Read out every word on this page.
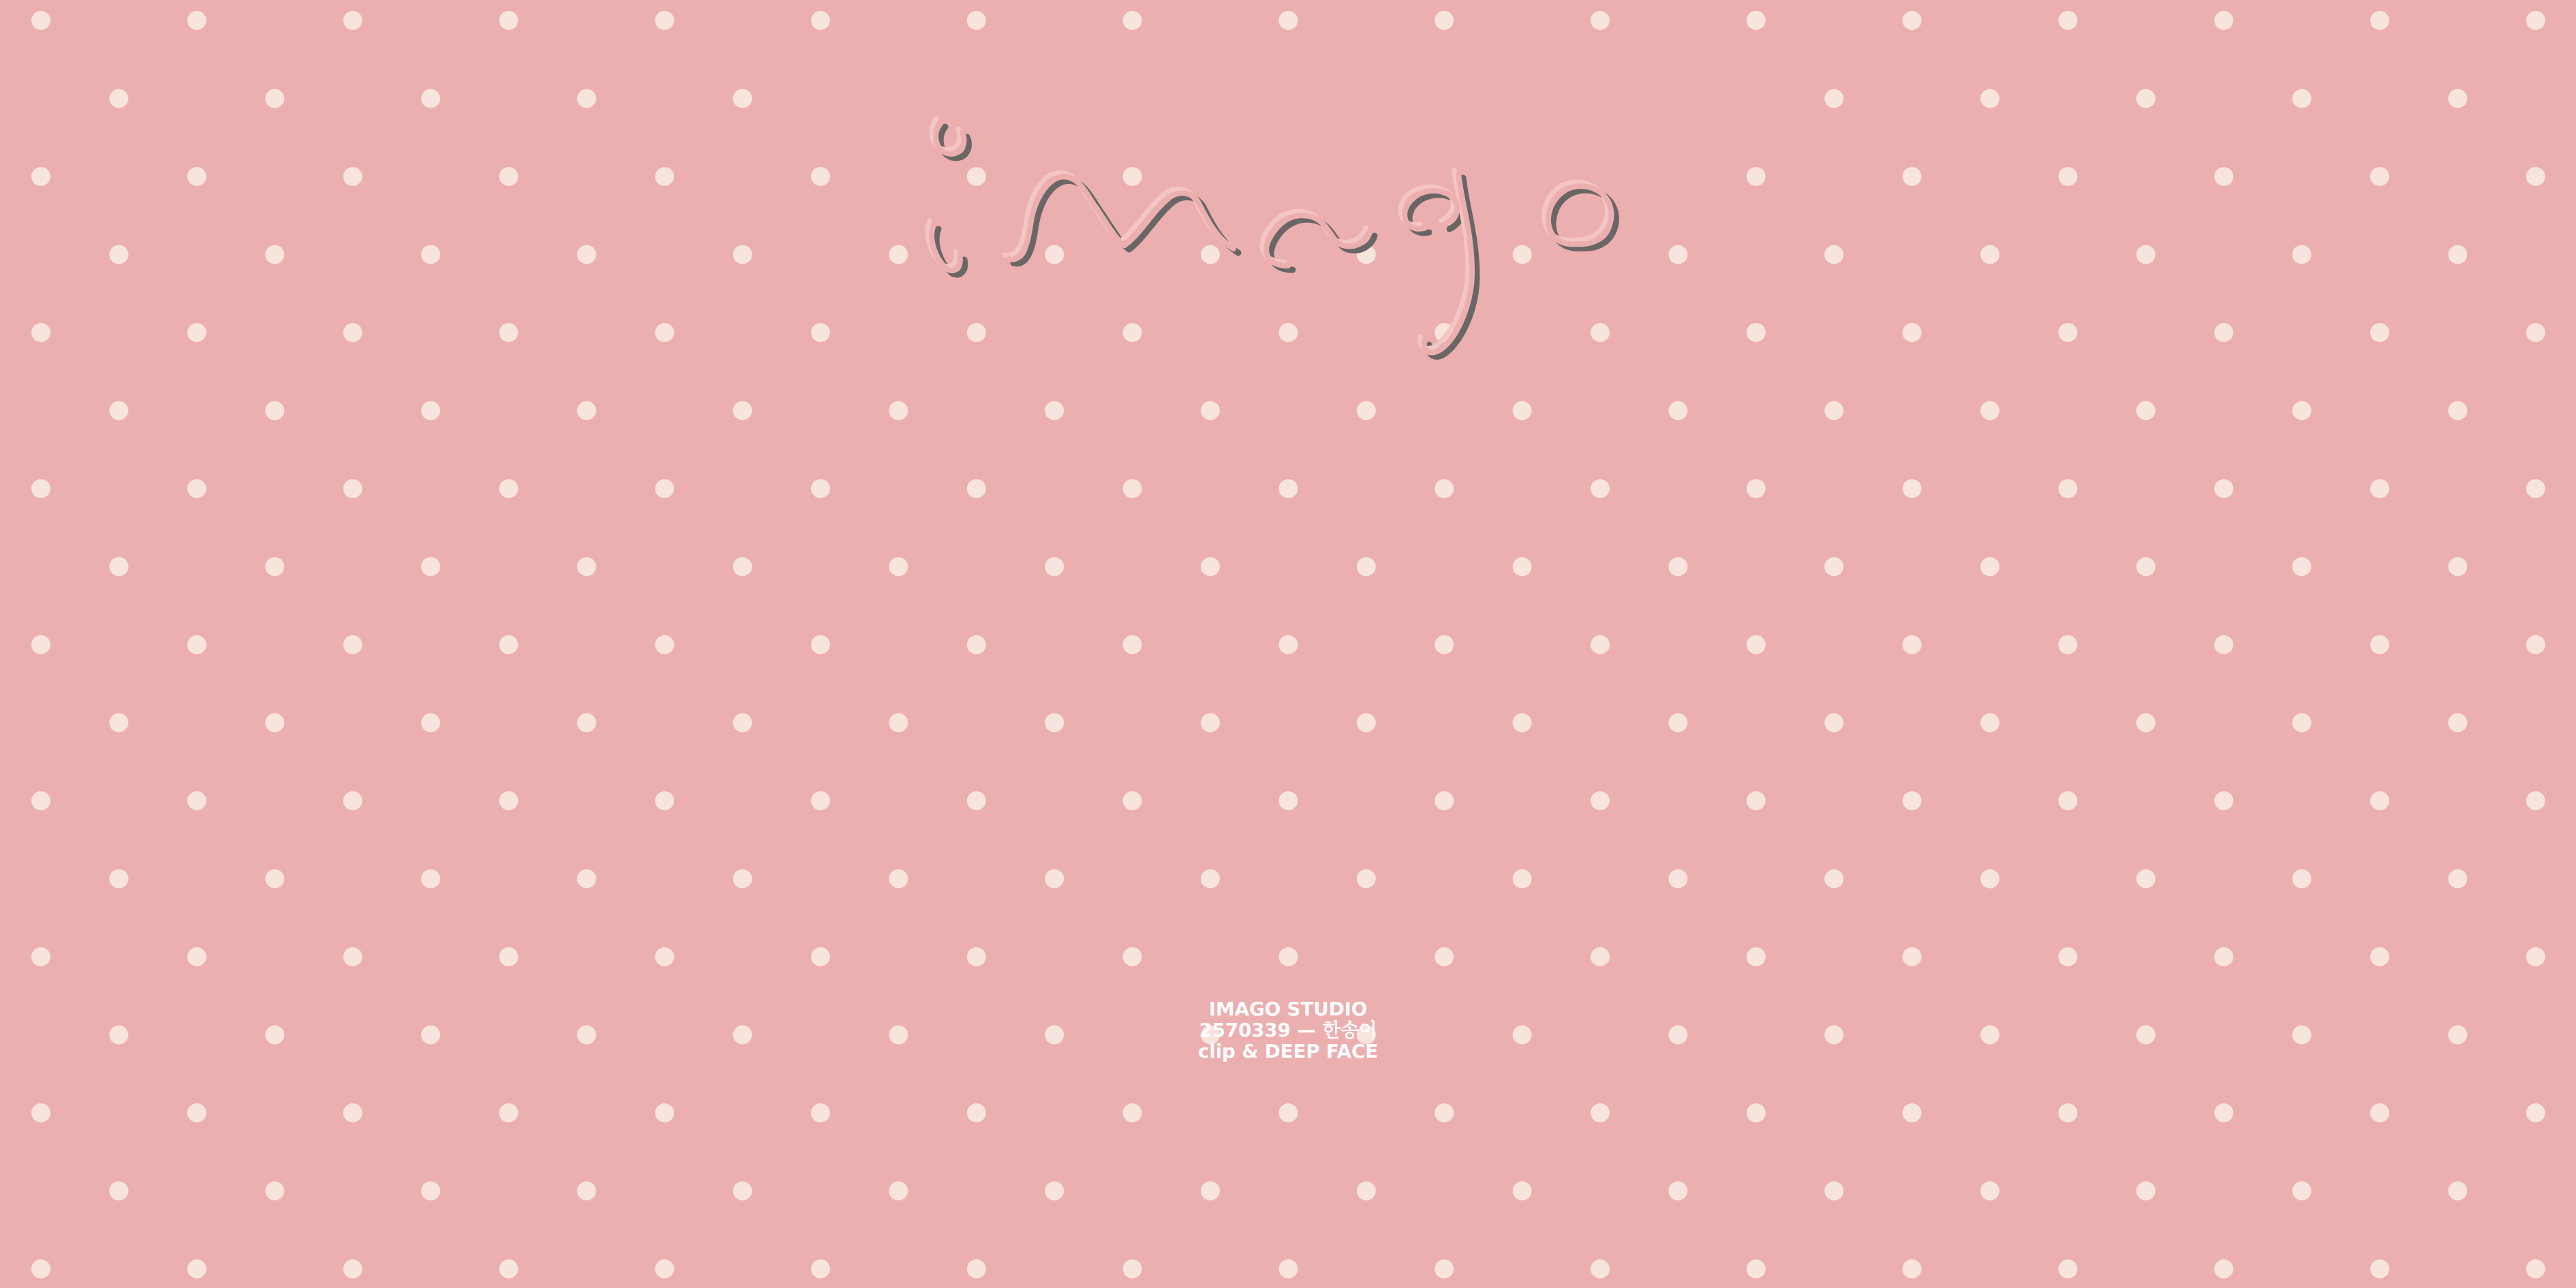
IMAGO STUDIO
2570339 — 한송이
clip & DEEP FACE
